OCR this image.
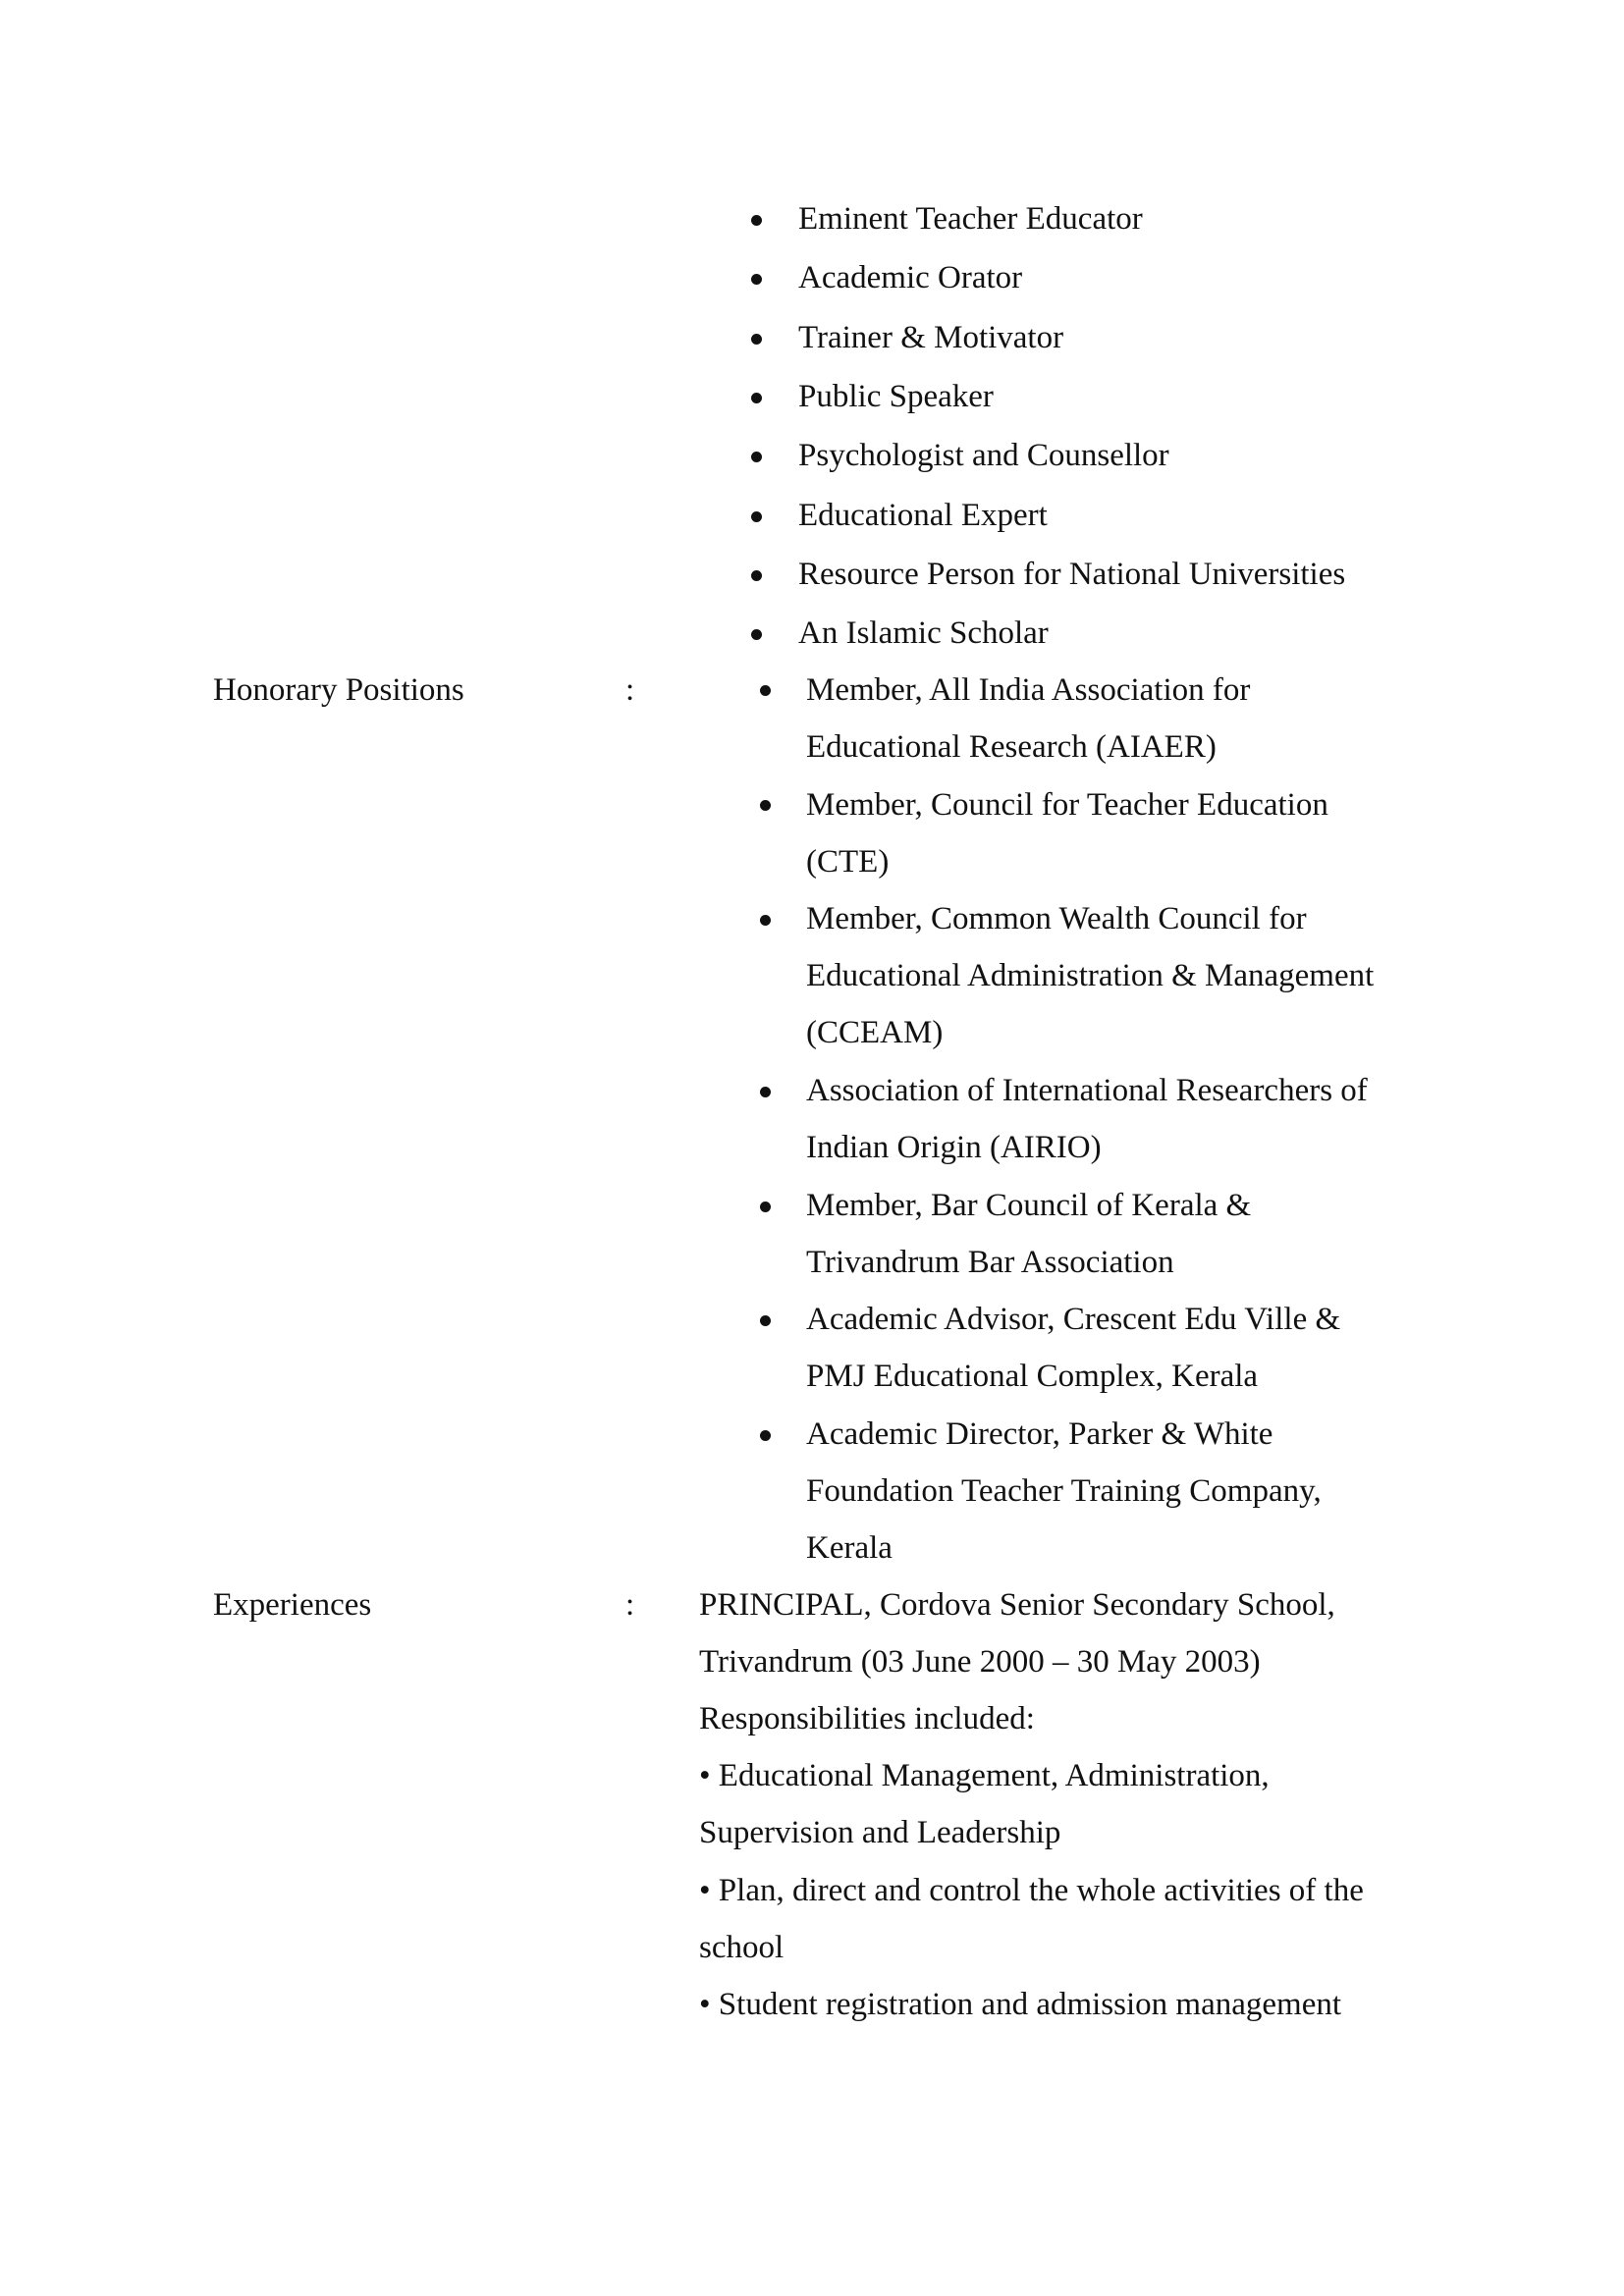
Eminent Teacher Educator
Academic Orator
Trainer & Motivator
Public Speaker
Psychologist and Counsellor
Educational Expert
Resource Person for National Universities
An Islamic Scholar
Honorary Positions	:	Member, All India Association for
Educational Research (AIAER)
Member, Council for Teacher Education
(CTE)
Member, Common Wealth Council for
Educational Administration & Management
(CCEAM)
Association of International Researchers of
Indian Origin (AIRIO)
Member, Bar Council of Kerala &
Trivandrum Bar Association
Academic Advisor, Crescent Edu Ville &
PMJ Educational Complex, Kerala
Academic Director, Parker & White
Foundation Teacher Training Company,
Kerala
Experiences	: PRINCIPAL, Cordova Senior Secondary School,
Trivandrum (03 June 2000 – 30 May 2003)
Responsibilities included:
• Educational Management, Administration,
Supervision and Leadership
• Plan, direct and control the whole activities of the
school
• Student registration and admission management
